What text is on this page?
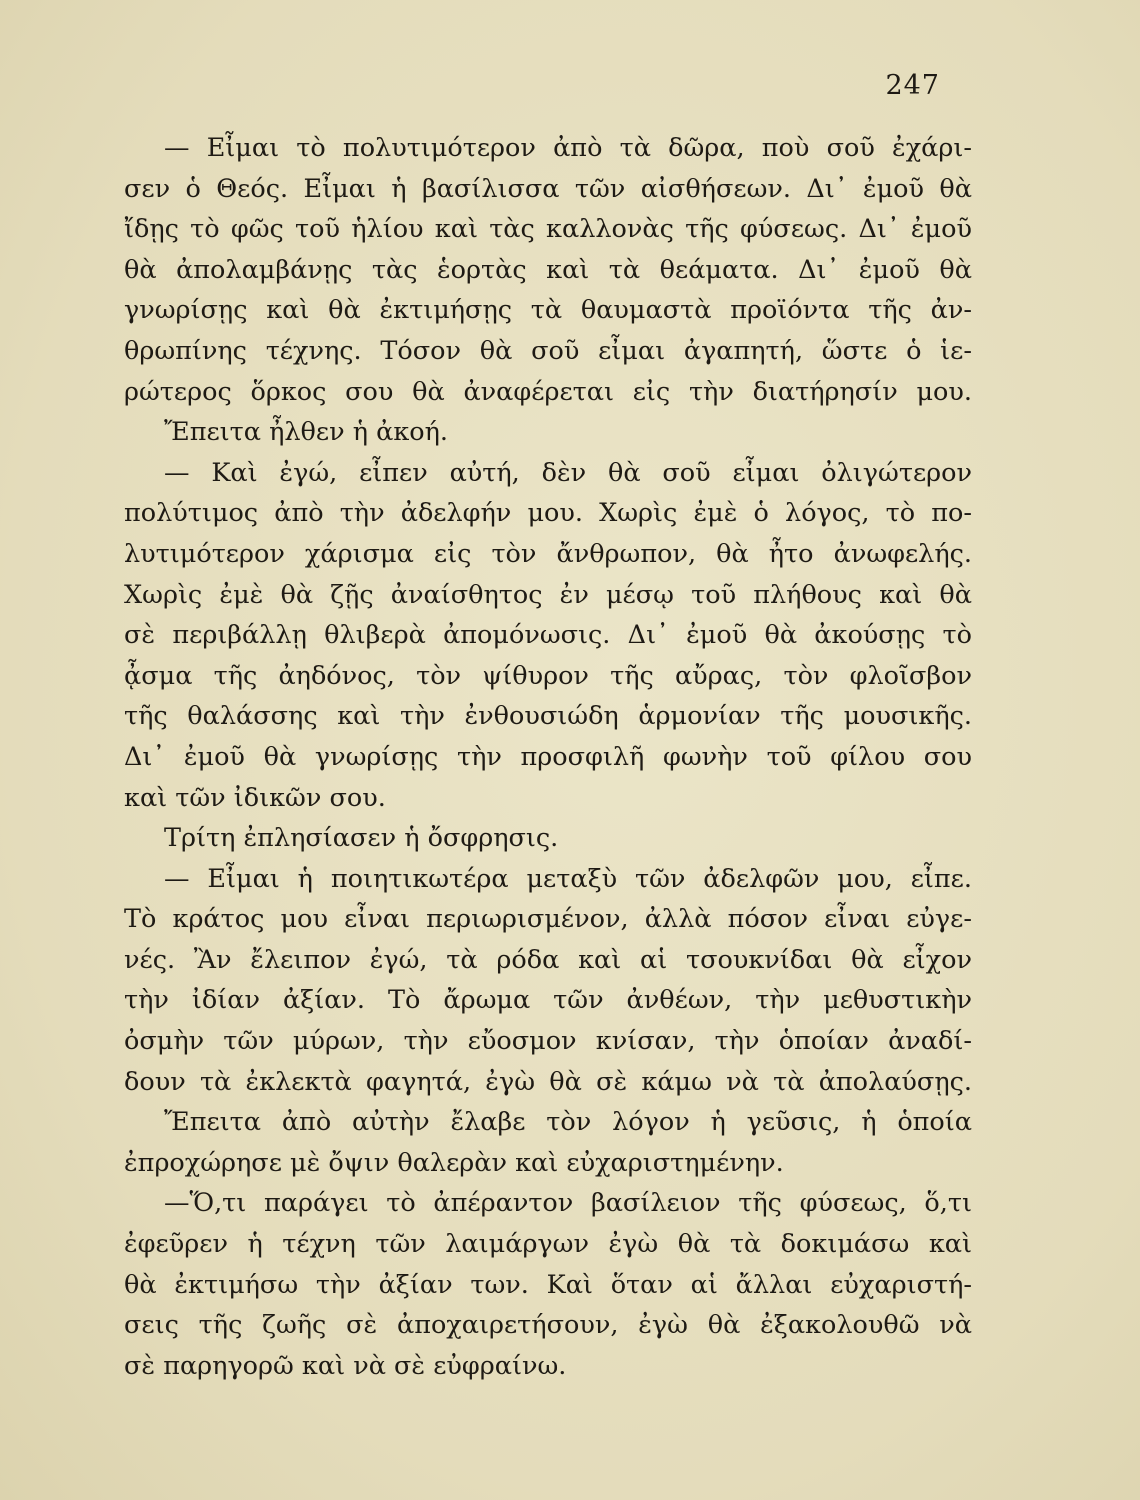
247
— Εἶμαι τὸ πολυτιμότερον ἀπὸ τὰ δῶρα, ποὺ σοῦ ἐχάρι-
σεν ὁ Θεός. Εἶμαι ἡ βασίλισσα τῶν αἰσθήσεων. Δι᾽ ἐμοῦ θὰ
ἴδῃς τὸ φῶς τοῦ ἡλίου καὶ τὰς καλλονὰς τῆς φύσεως. Δι᾽ ἐμοῦ
θὰ ἀπολαμβάνῃς τὰς ἑορτὰς καὶ τὰ θεάματα. Δι᾽ ἐμοῦ θὰ
γνωρίσῃς καὶ θὰ ἐκτιμήσῃς τὰ θαυμαστὰ προϊόντα τῆς ἀν-
θρωπίνης τέχνης. Τόσον θὰ σοῦ εἶμαι ἀγαπητή, ὥστε ὁ ἱε-
ρώτερος ὅρκος σου θὰ ἀναφέρεται εἰς τὴν διατήρησίν μου.
Ἔπειτα ἦλθεν ἡ ἀκοή.
— Καὶ ἐγώ, εἶπεν αὐτή, δὲν θὰ σοῦ εἶμαι ὀλιγώτερον
πολύτιμος ἀπὸ τὴν ἀδελφήν μου. Χωρὶς ἐμὲ ὁ λόγος, τὸ πο-
λυτιμότερον χάρισμα εἰς τὸν ἄνθρωπον, θὰ ἦτο ἀνωφελής.
Χωρὶς ἐμὲ θὰ ζῇς ἀναίσθητος ἐν μέσῳ τοῦ πλήθους καὶ θὰ
σὲ περιβάλλῃ θλιβερὰ ἀπομόνωσις. Δι᾽ ἐμοῦ θὰ ἀκούσῃς τὸ
ᾆσμα τῆς ἀηδόνος, τὸν ψίθυρον τῆς αὔρας, τὸν φλοῖσβον
τῆς θαλάσσης καὶ τὴν ἐνθουσιώδη ἁρμονίαν τῆς μουσικῆς.
Δι᾽ ἐμοῦ θὰ γνωρίσῃς τὴν προσφιλῆ φωνὴν τοῦ φίλου σου
καὶ τῶν ἰδικῶν σου.
Τρίτη ἐπλησίασεν ἡ ὄσφρησις.
— Εἶμαι ἡ ποιητικωτέρα μεταξὺ τῶν ἀδελφῶν μου, εἶπε.
Τὸ κράτος μου εἶναι περιωρισμένον, ἀλλὰ πόσον εἶναι εὐγε-
νές. Ἂν ἔλειπον ἐγώ, τὰ ρόδα καὶ αἱ τσουκνίδαι θὰ εἶχον
τὴν ἰδίαν ἀξίαν. Τὸ ἄρωμα τῶν ἀνθέων, τὴν μεθυστικὴν
ὀσμὴν τῶν μύρων, τὴν εὔοσμον κνίσαν, τὴν ὁποίαν ἀναδί-
δουν τὰ ἐκλεκτὰ φαγητά, ἐγὼ θὰ σὲ κάμω νὰ τὰ ἀπολαύσῃς.
Ἔπειτα ἀπὸ αὐτὴν ἔλαβε τὸν λόγον ἡ γεῦσις, ἡ ὁποία
ἐπροχώρησε μὲ ὄψιν θαλερὰν καὶ εὐχαριστημένην.
—Ὅ,τι παράγει τὸ ἀπέραντον βασίλειον τῆς φύσεως, ὅ,τι
ἐφεῦρεν ἡ τέχνη τῶν λαιμάργων ἐγὼ θὰ τὰ δοκιμάσω καὶ
θὰ ἐκτιμήσω τὴν ἀξίαν των. Καὶ ὅταν αἱ ἄλλαι εὐχαριστή-
σεις τῆς ζωῆς σὲ ἀποχαιρετήσουν, ἐγὼ θὰ ἐξακολουθῶ νὰ
σὲ παρηγορῶ καὶ νὰ σὲ εὐφραίνω.
